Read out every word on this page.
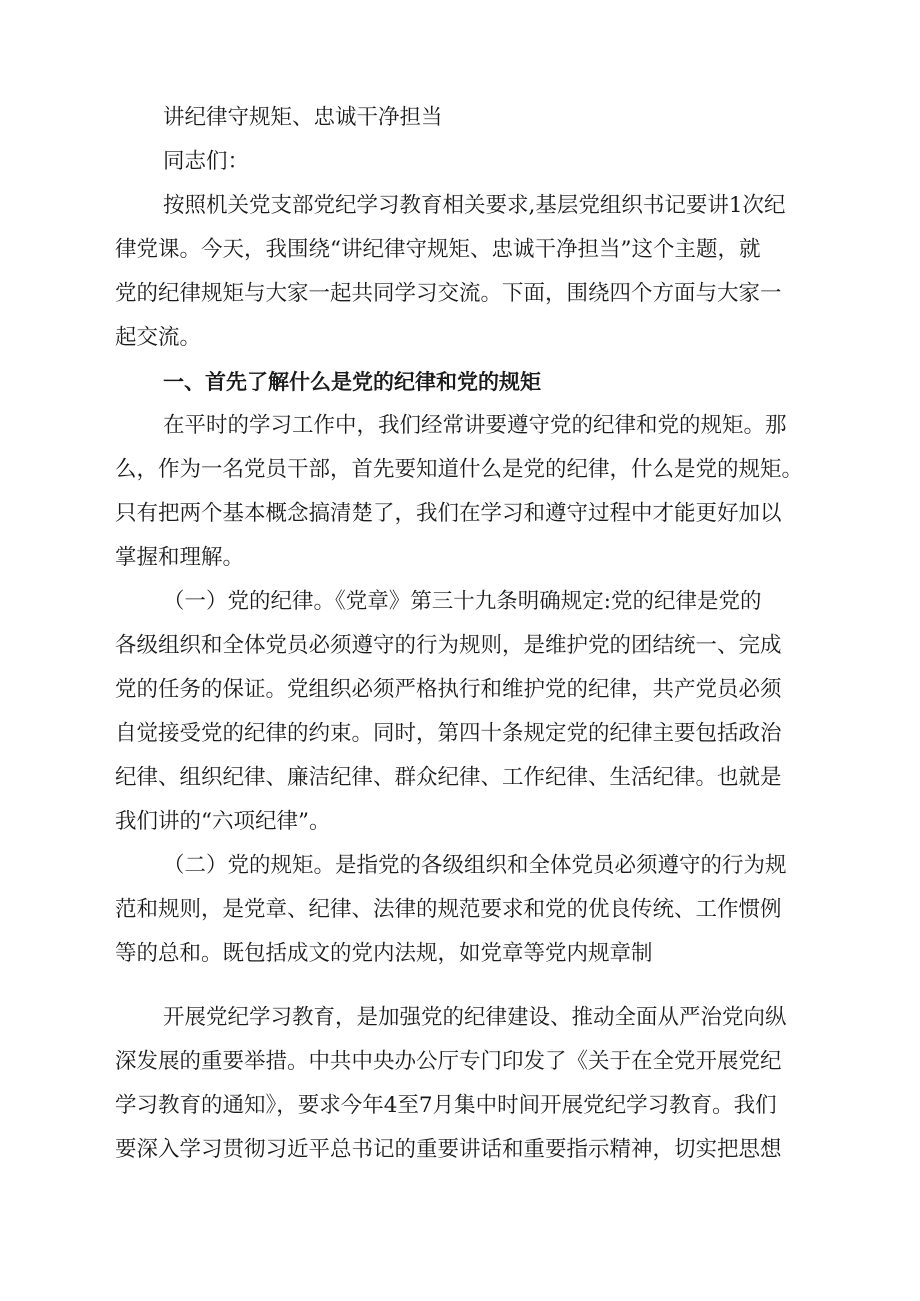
讲纪律守规矩、忠诚干净担当
同志们：
按照机关党支部党纪学习教育相关要求,基层党组织书记要讲1次纪
律党课。今天，我围绕“讲纪律守规矩、忠诚干净担当”这个主题，就
党的纪律规矩与大家一起共同学习交流。下面，围绕四个方面与大家一
起交流。
一、首先了解什么是党的纪律和党的规矩
在平时的学习工作中，我们经常讲要遵守党的纪律和党的规矩。那
么，作为一名党员干部，首先要知道什么是党的纪律，什么是党的规矩。
只有把两个基本概念搞清楚了，我们在学习和遵守过程中才能更好加以
掌握和理解。
（一）党的纪律。《党章》第三十九条明确规定:党的纪律是党的
各级组织和全体党员必须遵守的行为规则，是维护党的团结统一、完成
党的任务的保证。党组织必须严格执行和维护党的纪律，共产党员必须
自觉接受党的纪律的约束。同时，第四十条规定党的纪律主要包括政治
纪律、组织纪律、廉洁纪律、群众纪律、工作纪律、生活纪律。也就是
我们讲的“六项纪律”。
（二）党的规矩。是指党的各级组织和全体党员必须遵守的行为规
范和规则，是党章、纪律、法律的规范要求和党的优良传统、工作惯例
等的总和。既包括成文的党内法规，如党章等党内规章制
开展党纪学习教育，是加强党的纪律建设、推动全面从严治党向纵
深发展的重要举措。中共中央办公厅专门印发了《关于在全党开展党纪
学习教育的通知》，要求今年4至7月集中时间开展党纪学习教育。我们
要深入学习贯彻习近平总书记的重要讲话和重要指示精神，切实把思想
